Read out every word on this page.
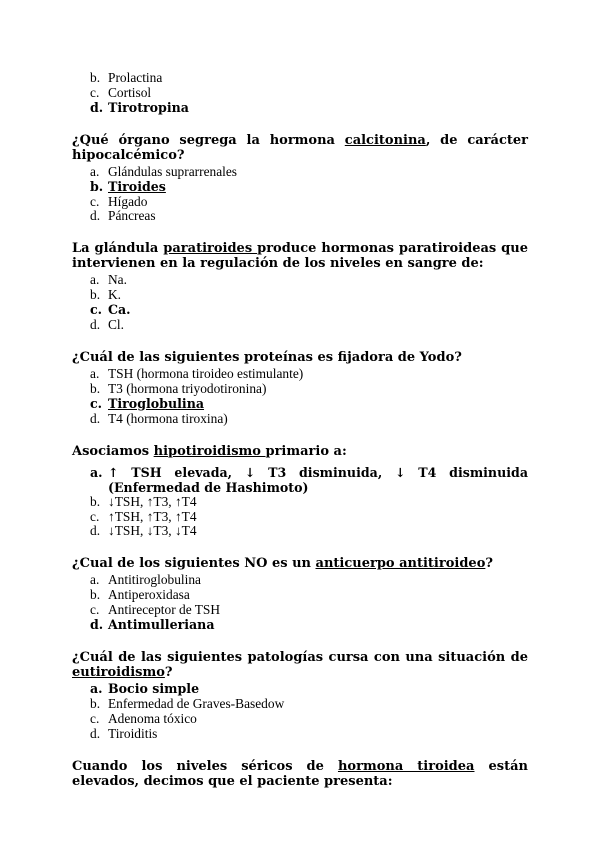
b. Prolactina
c. Cortisol
d. Tirotropina

¿Qué órgano segrega la hormona calcitonina, de carácter hipocalcémico?

a. Glándulas suprarrenales
b. Tiroides
c. Hígado
d. Páncreas

La glándula paratiroides produce hormonas paratiroideas que intervienen en la regulación de los niveles en sangre de:

a. Na.
b. K.
c. Ca.
d. Cl.

¿Cuál de las siguientes proteínas es fijadora de Yodo?

a. TSH (hormona tiroideo estimulante)
b. T3 (hormona triyodotironina)
c. Tiroglobulina
d. T4 (hormona tiroxina)

Asociamos hipotiroidismo primario a:

a. ↑ TSH elevada, ↓ T3 disminuida, ↓ T4 disminuida (Enfermedad de Hashimoto)
b. ↓TSH, ↑T3, ↑T4
c. ↑TSH, ↑T3, ↑T4
d. ↓TSH, ↓T3, ↓T4

¿Cual de los siguientes NO es un anticuerpo antitiroideo?

a. Antitiroglobulina
b. Antiperoxidasa
c. Antireceptor de TSH
d. Antimulleriana

¿Cuál de las siguientes patologías cursa con una situación de eutiroidismo?

a. Bocio simple
b. Enfermedad de Graves-Basedow
c. Adenoma tóxico
d. Tiroiditis

Cuando los niveles séricos de hormona tiroidea están elevados, decimos que el paciente presenta:
